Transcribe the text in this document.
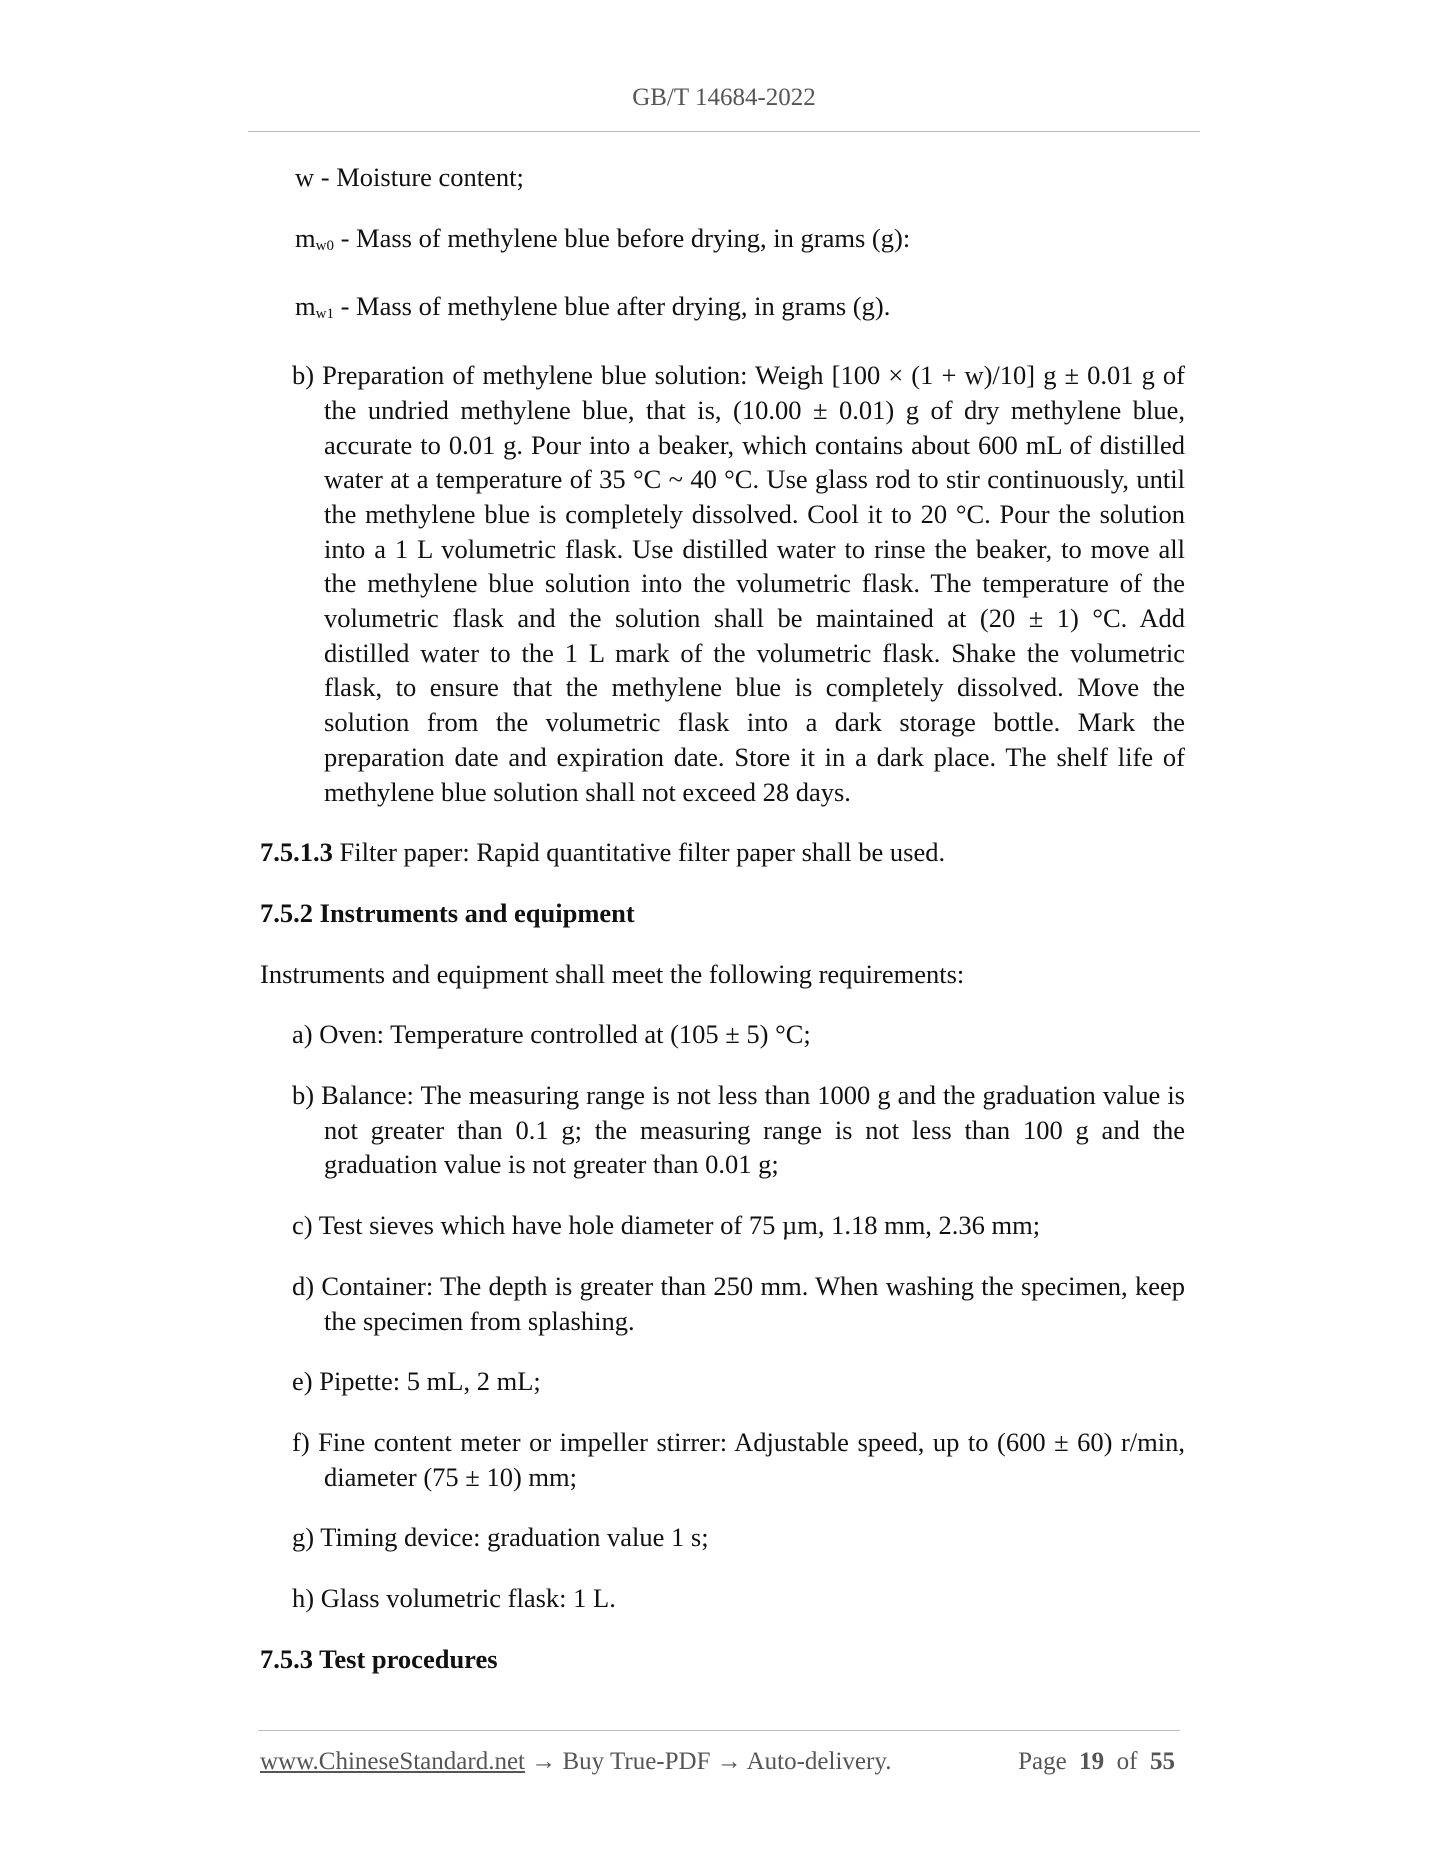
GB/T 14684-2022
w - Moisture content;
$m_{w0}$ - Mass of methylene blue before drying, in grams (g):
$m_{w1}$ - Mass of methylene blue after drying, in grams (g).
b) Preparation of methylene blue solution: Weigh [100 × (1 + w)/10] g ± 0.01 g of the undried methylene blue, that is, (10.00 ± 0.01) g of dry methylene blue, accurate to 0.01 g. Pour into a beaker, which contains about 600 mL of distilled water at a temperature of 35 °C ~ 40 °C. Use glass rod to stir continuously, until the methylene blue is completely dissolved. Cool it to 20 °C. Pour the solution into a 1 L volumetric flask. Use distilled water to rinse the beaker, to move all the methylene blue solution into the volumetric flask. The temperature of the volumetric flask and the solution shall be maintained at (20 ± 1) °C. Add distilled water to the 1 L mark of the volumetric flask. Shake the volumetric flask, to ensure that the methylene blue is completely dissolved. Move the solution from the volumetric flask into a dark storage bottle. Mark the preparation date and expiration date. Store it in a dark place. The shelf life of methylene blue solution shall not exceed 28 days.
7.5.1.3 Filter paper: Rapid quantitative filter paper shall be used.
7.5.2 Instruments and equipment
Instruments and equipment shall meet the following requirements:
a) Oven: Temperature controlled at (105 ± 5) °C;
b) Balance: The measuring range is not less than 1000 g and the graduation value is not greater than 0.1 g; the measuring range is not less than 100 g and the graduation value is not greater than 0.01 g;
c) Test sieves which have hole diameter of 75 µm, 1.18 mm, 2.36 mm;
d) Container: The depth is greater than 250 mm. When washing the specimen, keep the specimen from splashing.
e) Pipette: 5 mL, 2 mL;
f) Fine content meter or impeller stirrer: Adjustable speed, up to (600 ± 60) r/min, diameter (75 ± 10) mm;
g) Timing device: graduation value 1 s;
h) Glass volumetric flask: 1 L.
7.5.3 Test procedures
www.ChineseStandard.net → Buy True-PDF → Auto-delivery.	Page 19 of 55
